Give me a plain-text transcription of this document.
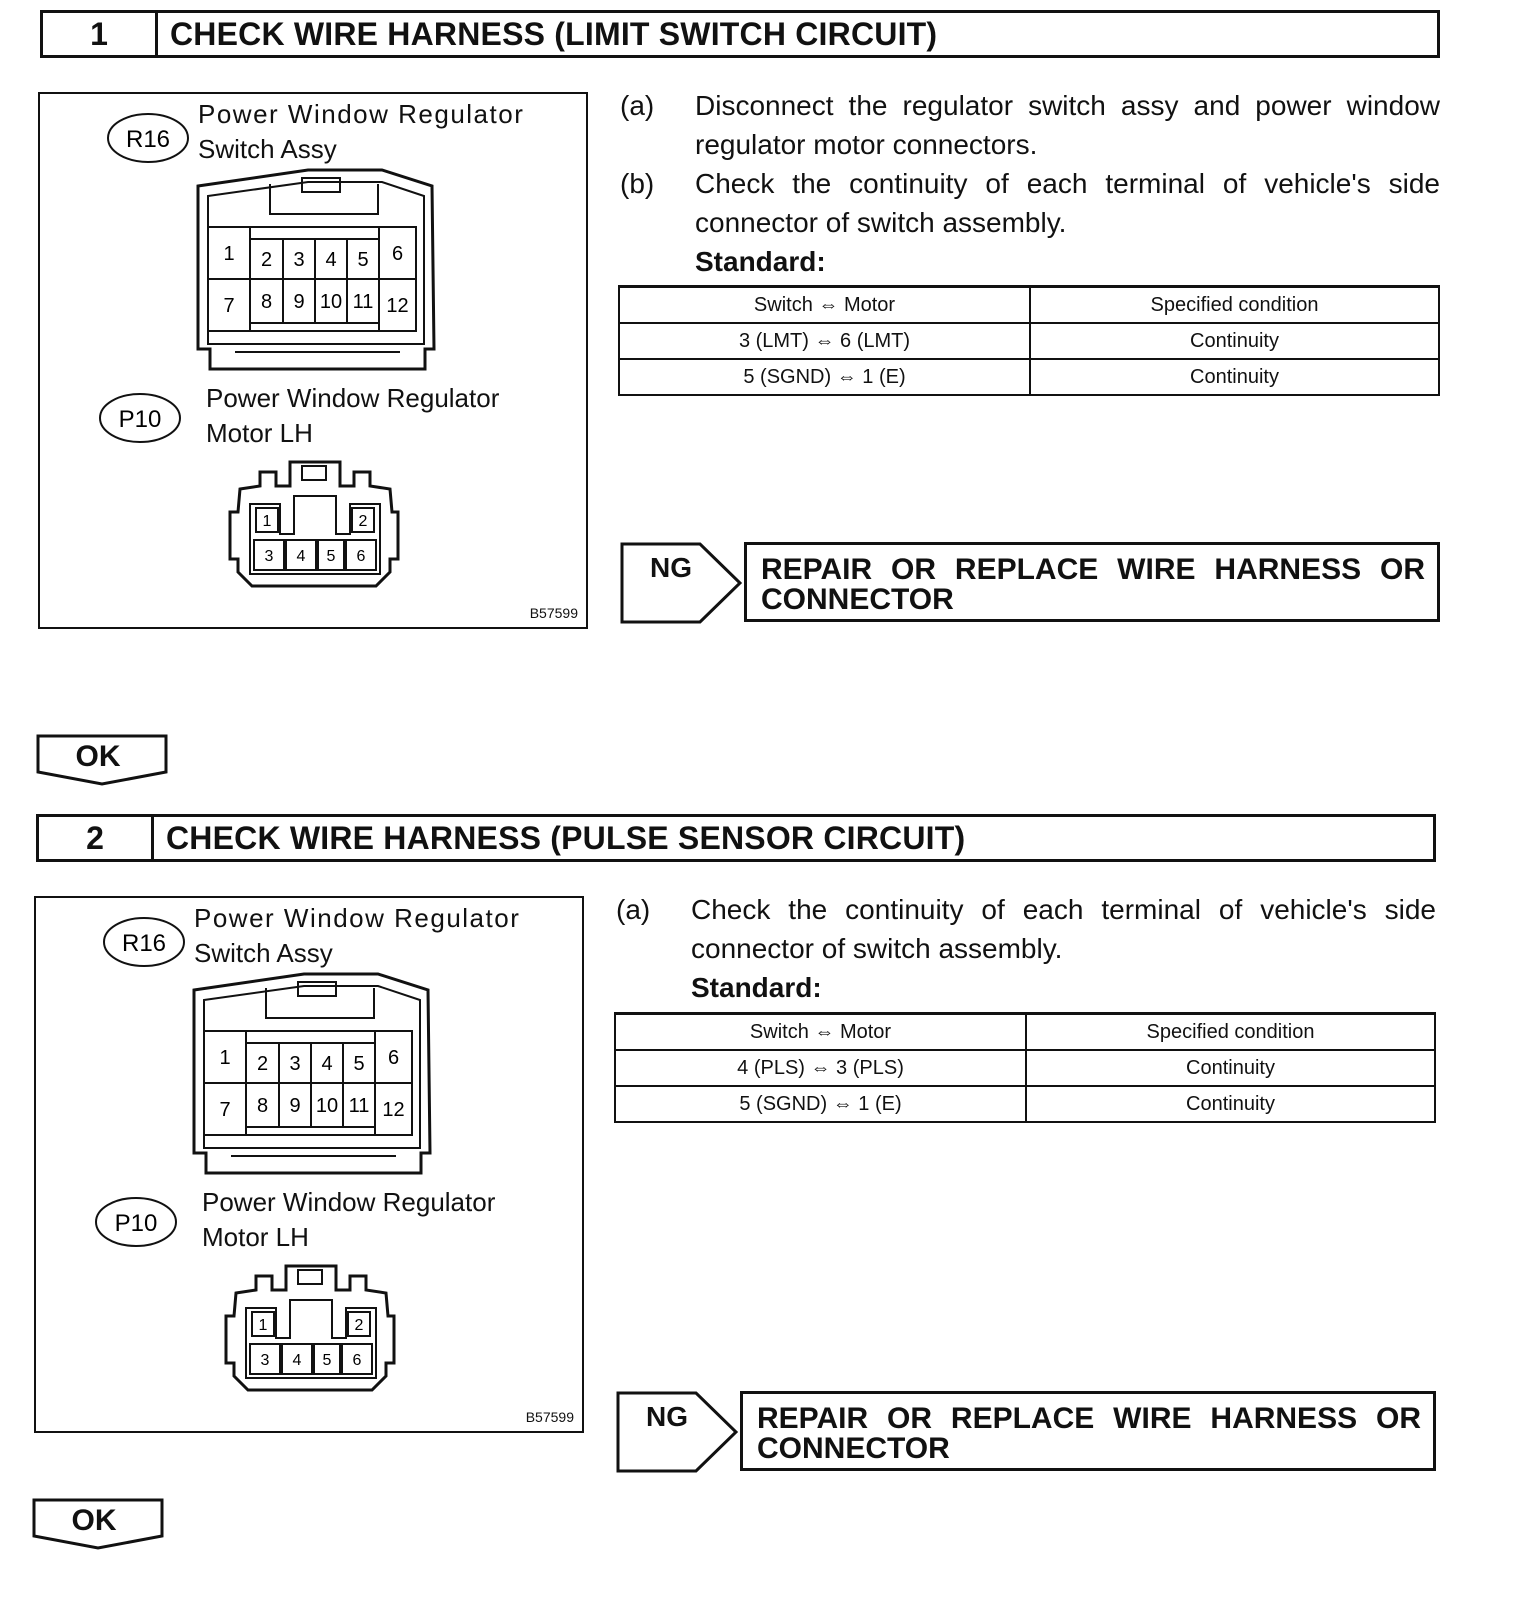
1	CHECK WIRE HARNESS (LIMIT SWITCH CIRCUIT)
R16
1 2 3 4 5 6
7 8 9 10 11 12
P10
1	2
3 4 5 6
Power Window Regulator
Switch Assy
Power Window Regulator
Motor LH
B57599
(a)	Disconnect the regulator switch assy and power window regulator motor connectors.
(b)	Check the continuity of each terminal of vehicle's side connector of switch assembly.
Standard:
Switch ⇔ Motor	Specified condition
3 (LMT) ⇔ 6 (LMT)	Continuity
5 (SGND) ⇔ 1 (E)	Continuity
NG	REPAIR OR REPLACE WIRE HARNESS OR
CONNECTOR
OK
2	CHECK WIRE HARNESS (PULSE SENSOR CIRCUIT)
R16
1 2 3 4 5 6
7 8 9 10 11 12
P10
1	2
3 4 5 6
Power Window Regulator
Switch Assy
Power Window Regulator
Motor LH
B57599
(a)	Check the continuity of each terminal of vehicle's side connector of switch assembly.
Standard:
Switch ⇔ Motor	Specified condition
4 (PLS) ⇔ 3 (PLS)	Continuity
5 (SGND) ⇔ 1 (E)	Continuity
NG	REPAIR OR REPLACE WIRE HARNESS OR
CONNECTOR
OK
